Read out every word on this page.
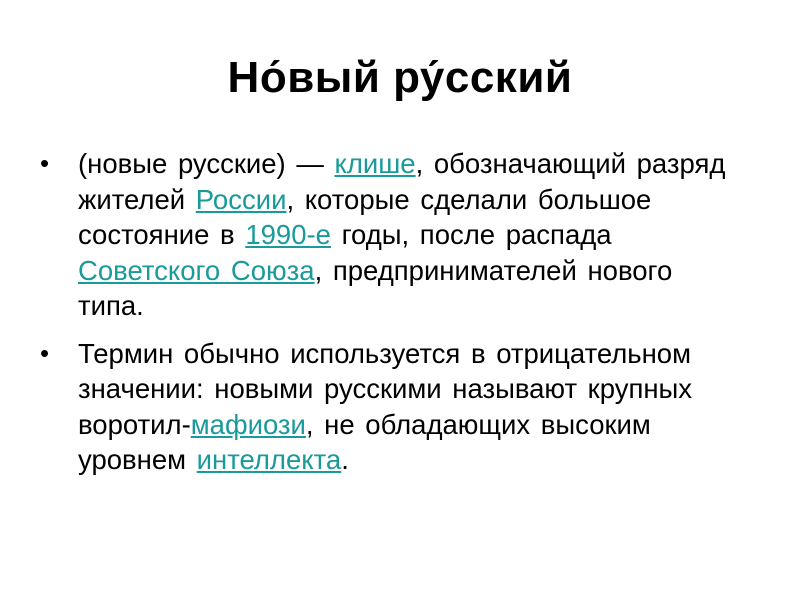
Но́вый ру́сский
• (новые русские) — клише, обозначающий разряд жителей России, которые сделали большое состояние в 1990-е годы, после распада Советского Союза, предпринимателей нового типа.
• Термин обычно используется в отрицательном значении: новыми русскими называют крупных воротил-мафиози, не обладающих высоким уровнем интеллекта.
